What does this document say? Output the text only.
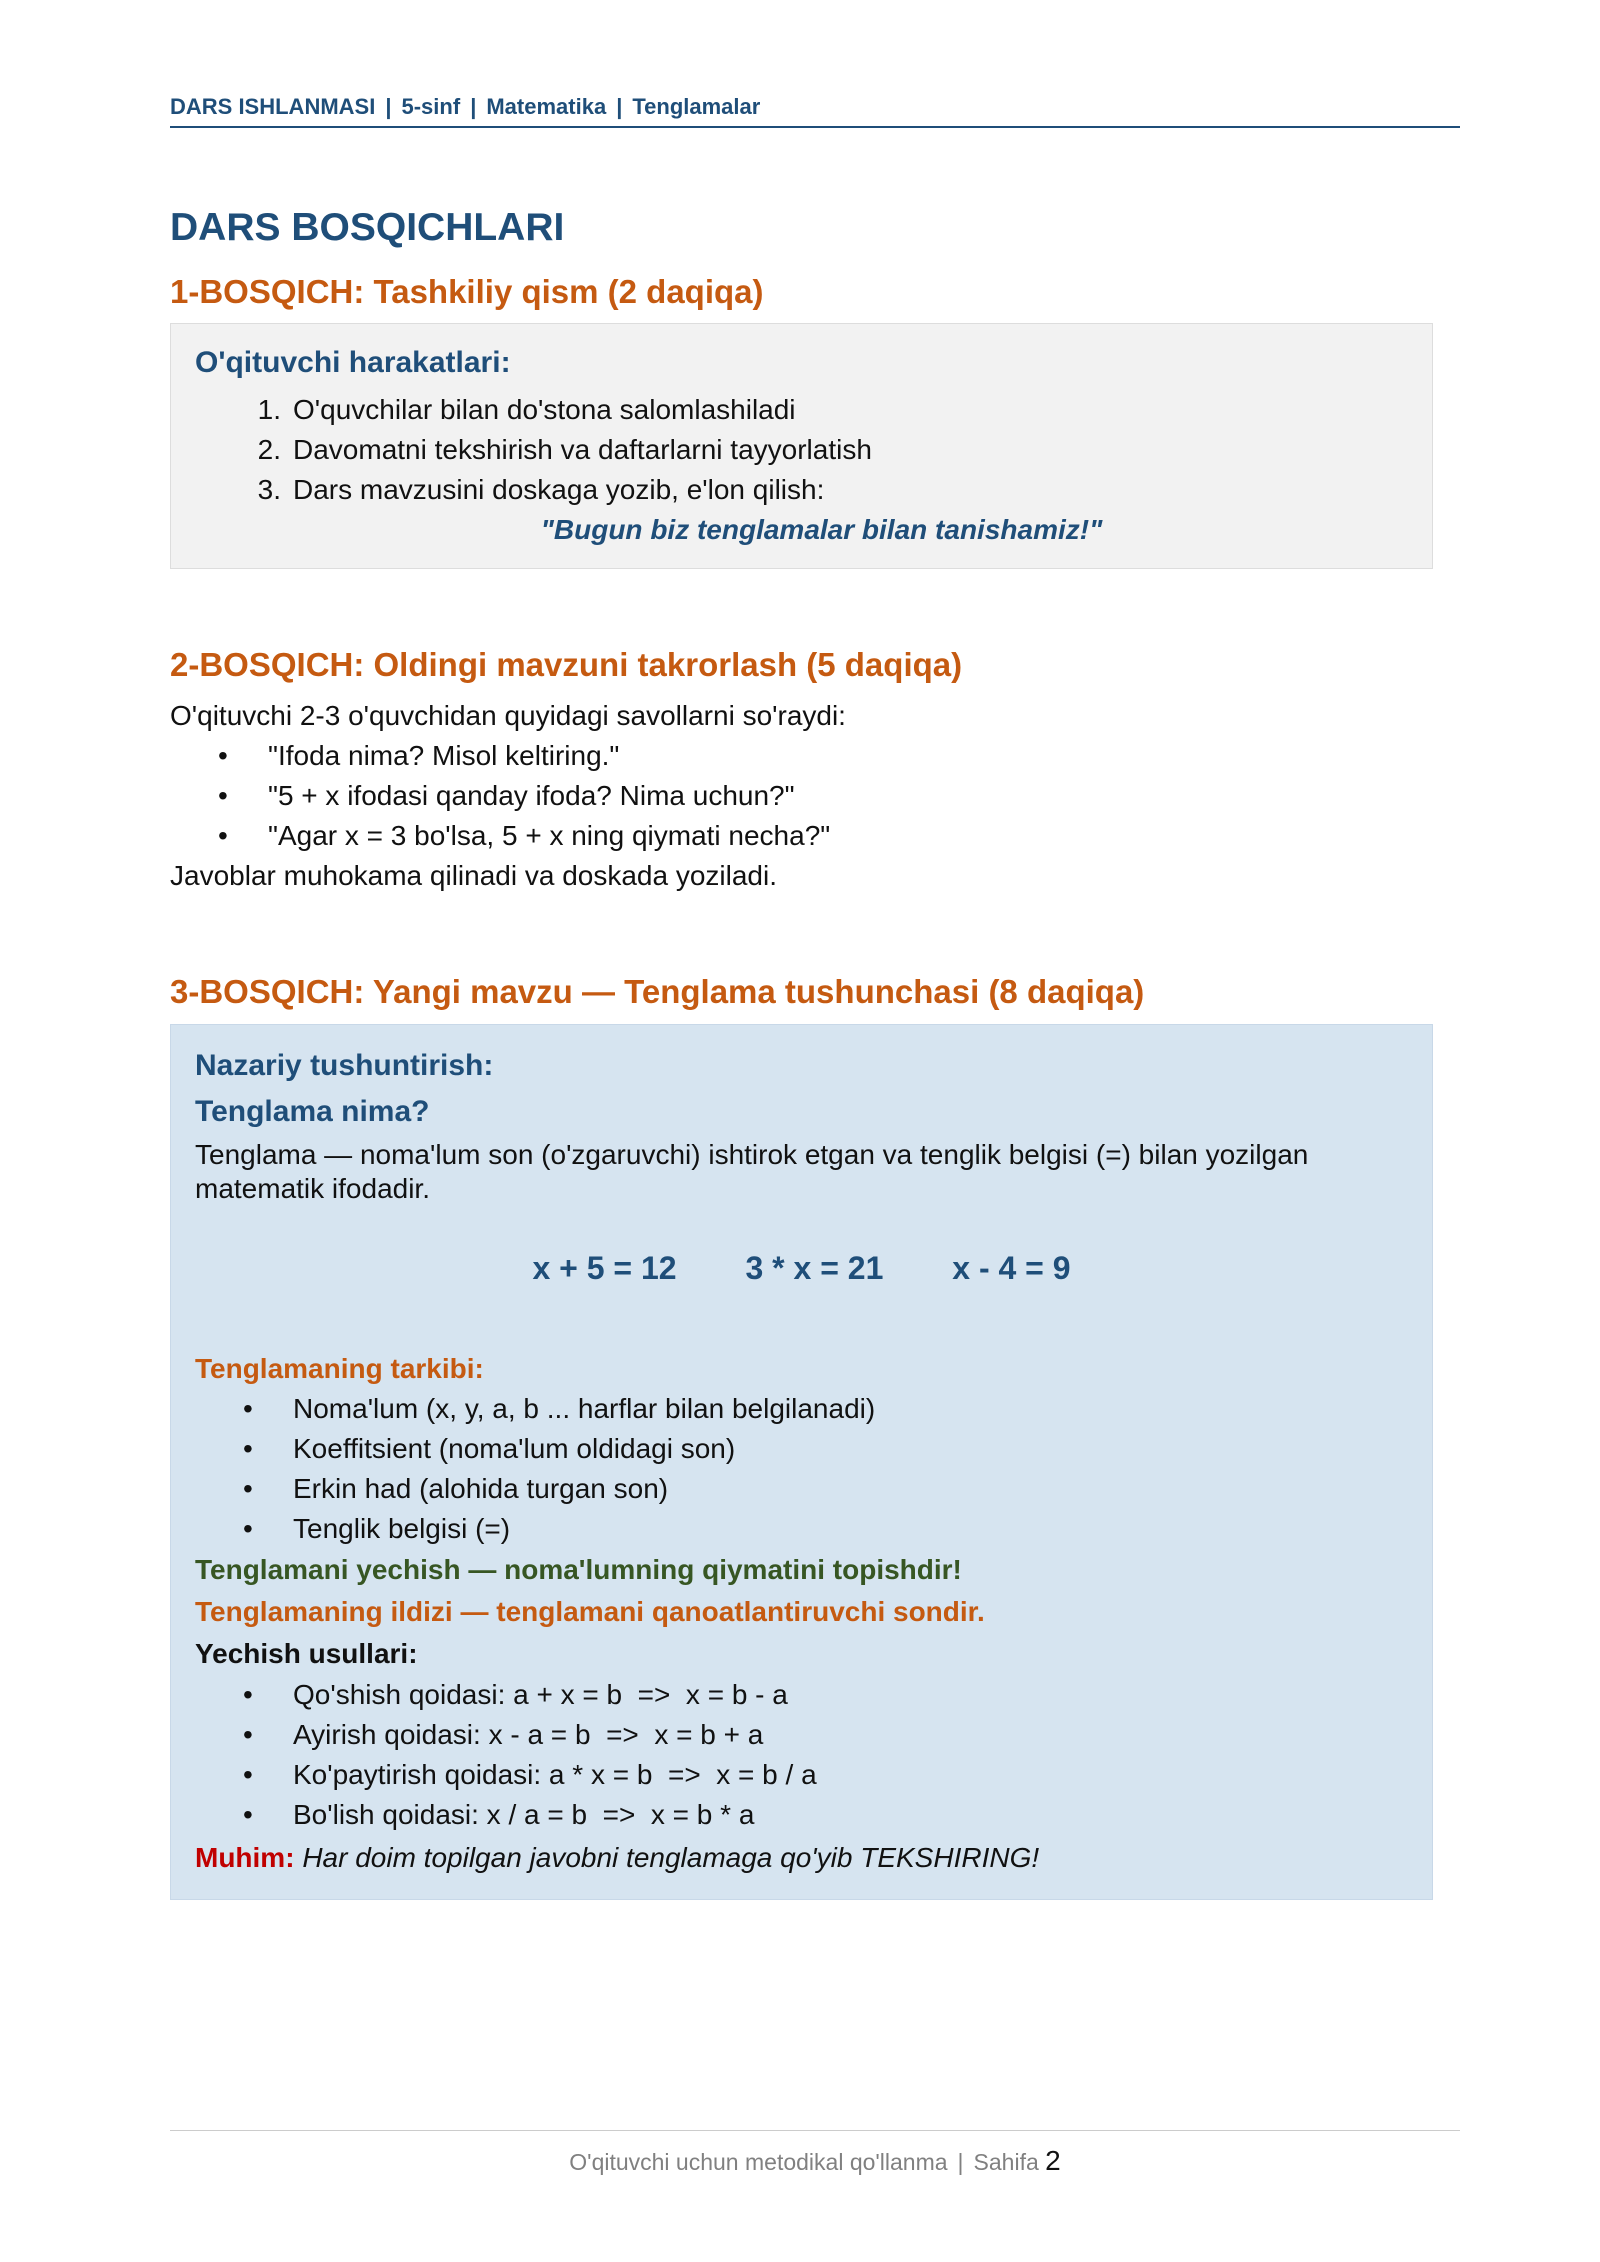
DARS ISHLANMASI | 5-sinf | Matematika | Tenglamalar
DARS BOSQICHLARI
1-BOSQICH: Tashkiliy qism (2 daqiqa)
O'qituvchi harakatlari:
1. O'quvchilar bilan do'stona salomlashiladi
2. Davomatni tekshirish va daftarlarni tayyorlatish
3. Dars mavzusini doskaga yozib, e'lon qilish:
"Bugun biz tenglamalar bilan tanishamiz!"
2-BOSQICH: Oldingi mavzuni takrorlash (5 daqiqa)

O'qituvchi 2-3 o'quvchidan quyidagi savollarni so'raydi:

•	"Ifoda nima? Misol keltiring."
•	"5 + x ifodasi qanday ifoda? Nima uchun?"
•	"Agar x = 3 bo'lsa, 5 + x ning qiymati necha?"

Javoblar muhokama qilinadi va doskada yoziladi.

3-BOSQICH: Yangi mavzu — Tenglama tushunchasi (8 daqiqa)
Nazariy tushuntirish:
Tenglama nima?

Tenglama — noma'lum son (o'zgaruvchi) ishtirok etgan va tenglik belgisi (=) bilan yozilgan matematik ifodadir.

x + 5 = 12 3 * x = 21 x - 4 = 9

Tenglamaning tarkibi:

•	Noma'lum (x, y, a, b ... harflar bilan belgilanadi)
•	Koeffitsient (noma'lum oldidagi son)
•	Erkin had (alohida turgan son)
•	Tenglik belgisi (=)

Tenglamani yechish — noma'lumning qiymatini topishdir!

Tenglamaning ildizi — tenglamani qanoatlantiruvchi sondir.

Yechish usullari:

•	Qo'shish qoidasi: a + x = b  =>  x = b - a
•	Ayirish qoidasi: x - a = b  =>  x = b + a
•	Ko'paytirish qoidasi: a * x = b  =>  x = b / a
•	Bo'lish qoidasi: x / a = b  =>  x = b * a

Muhim: Har doim topilgan javobni tenglamaga qo'yib TEKSHIRING!

O'qituvchi uchun metodikal qo'llanma | Sahifa 2
